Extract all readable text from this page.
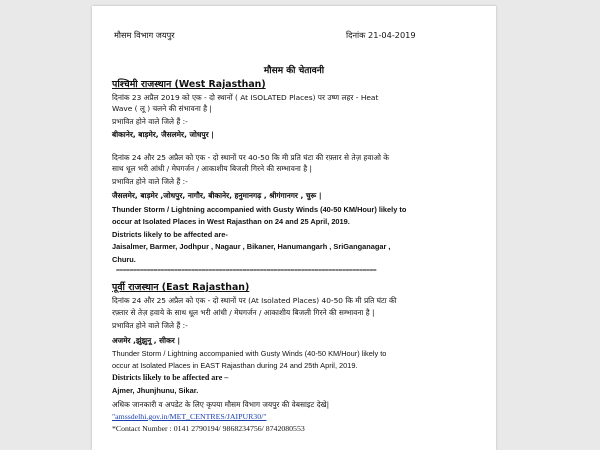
मौसम विभाग जयपुर	दिनांक 21-04-2019
मौसम की चेतावनी
पश्चिमी राजस्थान (West Rajasthan)
दिनांक 23 अप्रैल 2019 को एक - दो स्थानों ( At ISOLATED Places) पर उष्ण लहर - Heat
Wave ( लू ) चलने की संभावना है |
प्रभावित होने वाले जिले हैं :-
बीकानेर, बाड़मेर, जैसलमेर, जोधपुर |
दिनांक 24 और 25 अप्रैल को एक - दो स्थानों पर 40-50 कि मी प्रति घंटा की रफ़्तार से तेज़ हवाओ के
साथ धूल भरी आंधी / मेघगर्जन / आकाशीय बिजली गिरने की सम्भावना है |
प्रभावित होने वाले जिले हैं :-
जैसलमेर, बाड़मेर ,जोधपुर, नागौर, बीकानेर, हनुमानगढ़ , श्रीगंगानगर , चुरू |
Thunder Storm / Lightning accompanied with Gusty Winds (40-50 KM/Hour) likely to
occur at Isolated Places in West Rajasthan on 24 and 25 April, 2019.
Districts likely to be affected are-
Jaisalmer, Barmer, Jodhpur , Nagaur , Bikaner, Hanumangarh , SriGanganagar ,
Churu.
============================================================================
पूर्वी राजस्थान (East Rajasthan)
दिनांक 24 और 25 अप्रैल को एक - दो स्थानों पर (At Isolated Places) 40-50 कि मी प्रति घंटा की
रफ़्तार से तेज़ हवाये के साथ धूल भरी आंधी / मेघगर्जन / आकाशीय बिजली गिरने की सम्भावना है |
प्रभावित होने वाले जिले हैं :-
अजमेर ,झुंझुनू , सीकर |
Thunder Storm / Lightning accompanied with Gusty Winds (40-50 KM/Hour) likely to
occur at Isolated Places in EAST Rajasthan during 24 and 25th April, 2019.
Districts likely to be affected are –
Ajmer, Jhunjhunu, Sikar.
अधिक जानकारी व अपडेट के लिए कृपया मौसम विभाग जयपुर की वेबसाइट देखे|
"amssdelhi.gov.in/MET_CENTRES/JAIPUR30/"
*Contact Number : 0141 2790194/ 9868234756/ 8742080553
